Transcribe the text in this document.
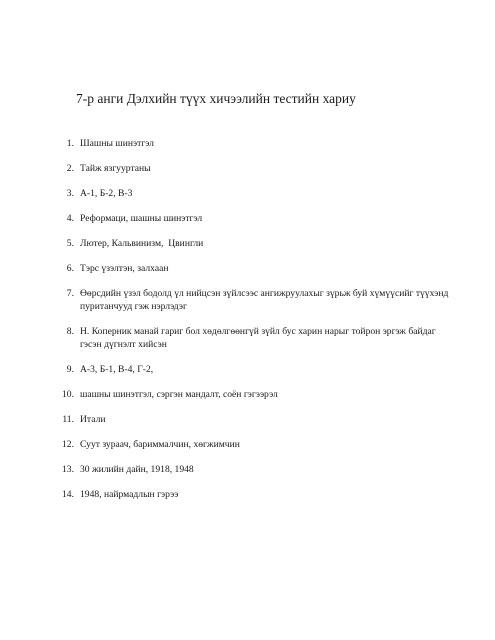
7-р анги Дэлхийн түүх хичээлийн тестийн хариу
1. Шашны шинэтгэл
2. Тайж язгууртаны
3. А-1, Б-2, В-3
4. Реформаци, шашны шинэтгэл
5. Лютер, Кальвинизм,  Цвингли
6. Тэрс үзэлтэн, залхаан
7. Өөрсдийн үзэл бодолд үл нийцсэн зүйлсээс ангижруулахыг зүрьж буй хүмүүсийг түүхэнд пуританчууд гэж нэрлэдэг
8. Н. Коперник манай гариг бол хөдөлгөөнгүй зүйл бус харин нарыг тойрон эргэж байдаг гэсэн дүгнэлт хийсэн
9. А-3, Б-1, В-4, Г-2,
10. шашны шинэтгэл, сэргэн мандалт, соён гэгээрэл
11. Итали
12. Суут зураач, бариммалчин, хөгжимчин
13. 30 жилийн дайн, 1918, 1948
14. 1948, найрмадлын гэрээ
